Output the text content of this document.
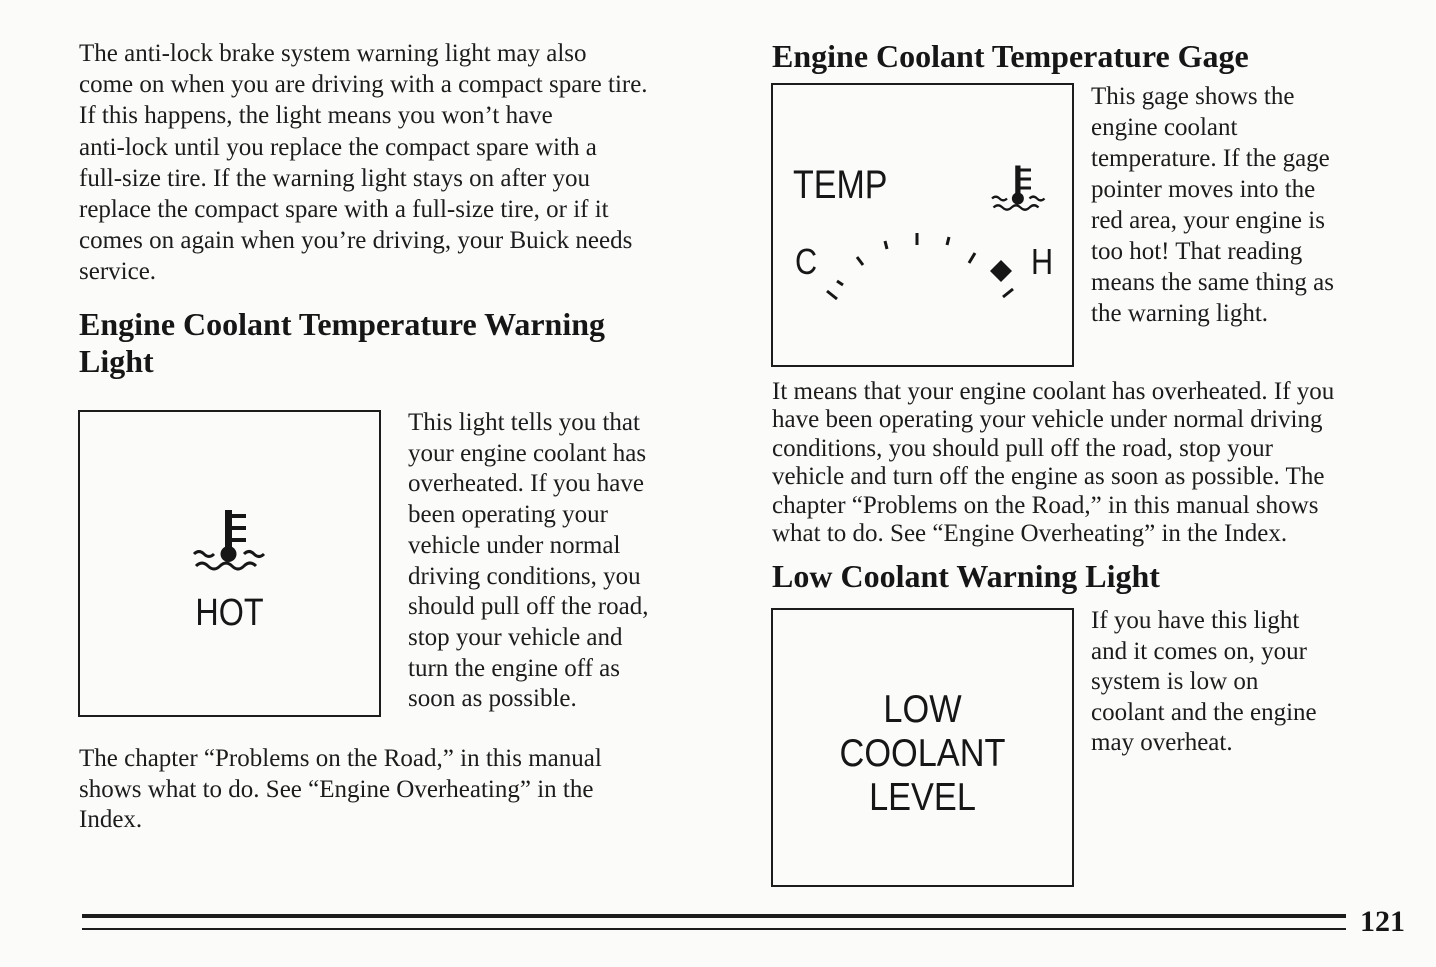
The anti-lock brake system warning light may also
come on when you are driving with a compact spare tire.
If this happens, the light means you won’t have
anti-lock until you replace the compact spare with a
full-size tire. If the warning light stays on after you
replace the compact spare with a full-size tire, or if it
comes on again when you’re driving, your Buick needs
service.

Engine Coolant Temperature Warning
Light
HOT

This light tells you that
your engine coolant has
overheated. If you have
been operating your
vehicle under normal
driving conditions, you
should pull off the road,
stop your vehicle and
turn the engine off as
soon as possible.

The chapter “Problems on the Road,” in this manual
shows what to do. See “Engine Overheating” in the
Index.

Engine Coolant Temperature Gage
TEMP
C	H

This gage shows the
engine coolant
temperature. If the gage
pointer moves into the
red area, your engine is
too hot! That reading
means the same thing as
the warning light.

It means that your engine coolant has overheated. If you
have been operating your vehicle under normal driving
conditions, you should pull off the road, stop your
vehicle and turn off the engine as soon as possible. The
chapter “Problems on the Road,” in this manual shows
what to do. See “Engine Overheating” in the Index.

Low Coolant Warning Light
LOW
COOLANT
LEVEL

If you have this light
and it comes on, your
system is low on
coolant and the engine
may overheat.

121
